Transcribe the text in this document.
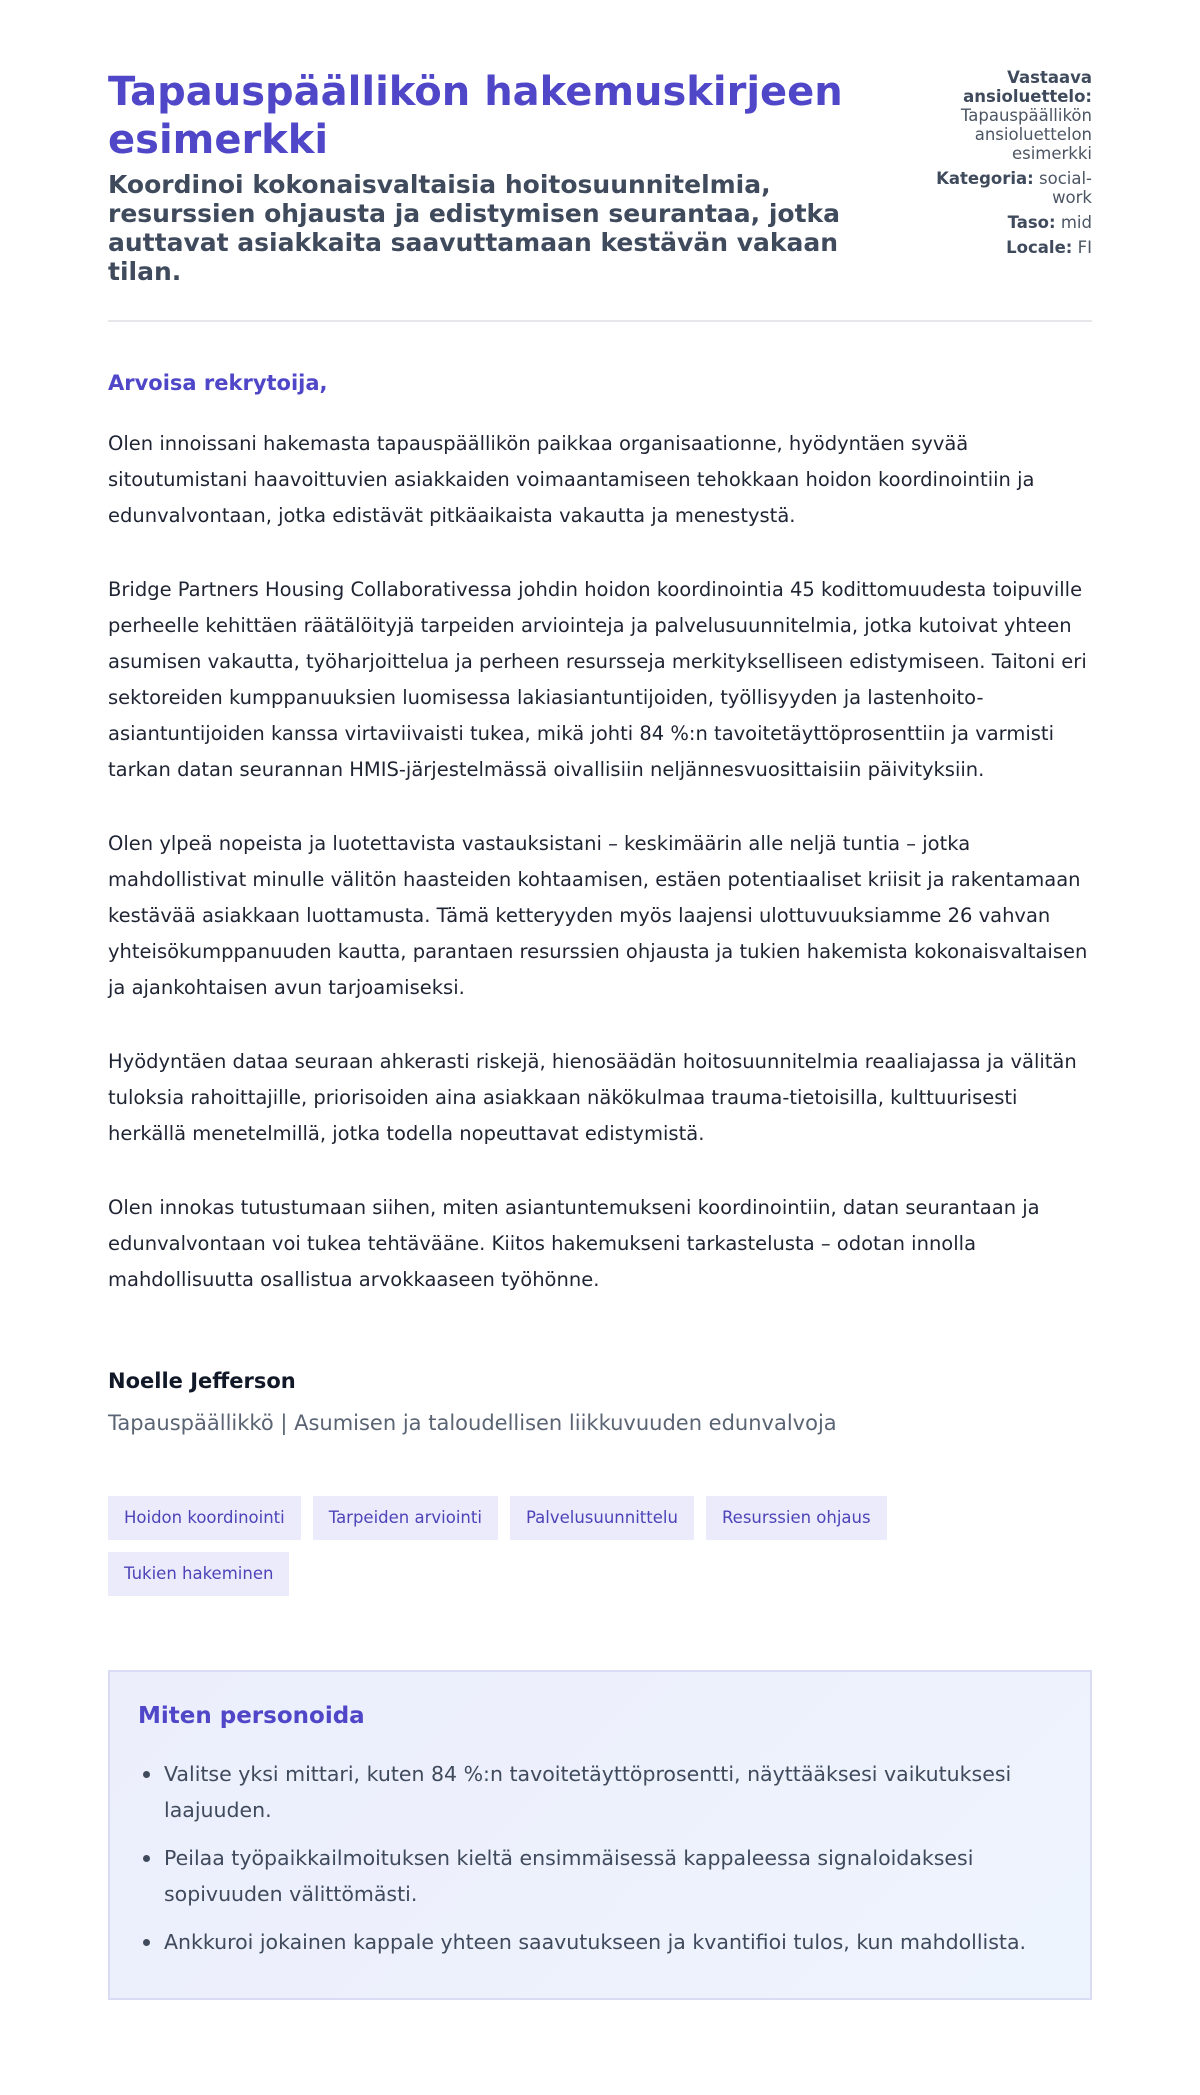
Tapauspäällikön hakemuskirjeen esimerkki
Koordinoi kokonaisvaltaisia hoitosuunnitelmia, resurssien ohjausta ja edistymisen seurantaa, jotka auttavat asiakkaita saavuttamaan kestävän vakaan tilan.
Vastaava ansioluettelo: Tapauspäällikön ansioluettelon esimerkki
Kategoria: social-work
Taso: mid
Locale: FI

Arvoisa rekrytoija,

Olen innoissani hakemasta tapauspäällikön paikkaa organisaationne, hyödyntäen syvää sitoutumistani haavoittuvien asiakkaiden voimaantamiseen tehokkaan hoidon koordinointiin ja edunvalvontaan, jotka edistävät pitkäaikaista vakautta ja menestystä.

Bridge Partners Housing Collaborativessa johdin hoidon koordinointia 45 kodittomuudesta toipuville perheelle kehittäen räätälöityjä tarpeiden arviointeja ja palvelusuunnitelmia, jotka kutoivat yhteen asumisen vakautta, työharjoittelua ja perheen resursseja merkitykselliseen edistymiseen. Taitoni eri sektoreiden kumppanuuksien luomisessa lakiasiantuntijoiden, työllisyyden ja lastenhoito-asiantuntijoiden kanssa virtaviivaisti tukea, mikä johti 84 %:n tavoitetäyttöprosenttiin ja varmisti tarkan datan seurannan HMIS-järjestelmässä oivallisiin neljännesvuosittaisiin päivityksiin.

Olen ylpeä nopeista ja luotettavista vastauksistani – keskimäärin alle neljä tuntia – jotka mahdollistivat minulle välitön haasteiden kohtaamisen, estäen potentiaaliset kriisit ja rakentamaan kestävää asiakkaan luottamusta. Tämä ketteryyden myös laajensi ulottuvuuksiamme 26 vahvan yhteisökumppanuuden kautta, parantaen resurssien ohjausta ja tukien hakemista kokonaisvaltaisen ja ajankohtaisen avun tarjoamiseksi.

Hyödyntäen dataa seuraan ahkerasti riskejä, hienosäädän hoitosuunnitelmia reaaliajassa ja välitän tuloksia rahoittajille, priorisoiden aina asiakkaan näkökulmaa trauma-tietoisilla, kulttuurisesti herkällä menetelmillä, jotka todella nopeuttavat edistymistä.

Olen innokas tutustumaan siihen, miten asiantuntemukseni koordinointiin, datan seurantaan ja edunvalvontaan voi tukea tehtävääne. Kiitos hakemukseni tarkastelusta – odotan innolla mahdollisuutta osallistua arvokkaaseen työhönne.

Noelle Jefferson
Tapauspäällikkö | Asumisen ja taloudellisen liikkuvuuden edunvalvoja
Hoidon koordinointi	Tarpeiden arviointi	Palvelusuunnittelu	Resurssien ohjaus
Tukien hakeminen
Miten personoida
Valitse yksi mittari, kuten 84 %:n tavoitetäyttöprosentti, näyttääksesi vaikutuksesi laajuuden.
Peilaa työpaikkailmoituksen kieltä ensimmäisessä kappaleessa signaloidaksesi sopivuuden välittömästi.
Ankkuroi jokainen kappale yhteen saavutukseen ja kvantifioi tulos, kun mahdollista.
